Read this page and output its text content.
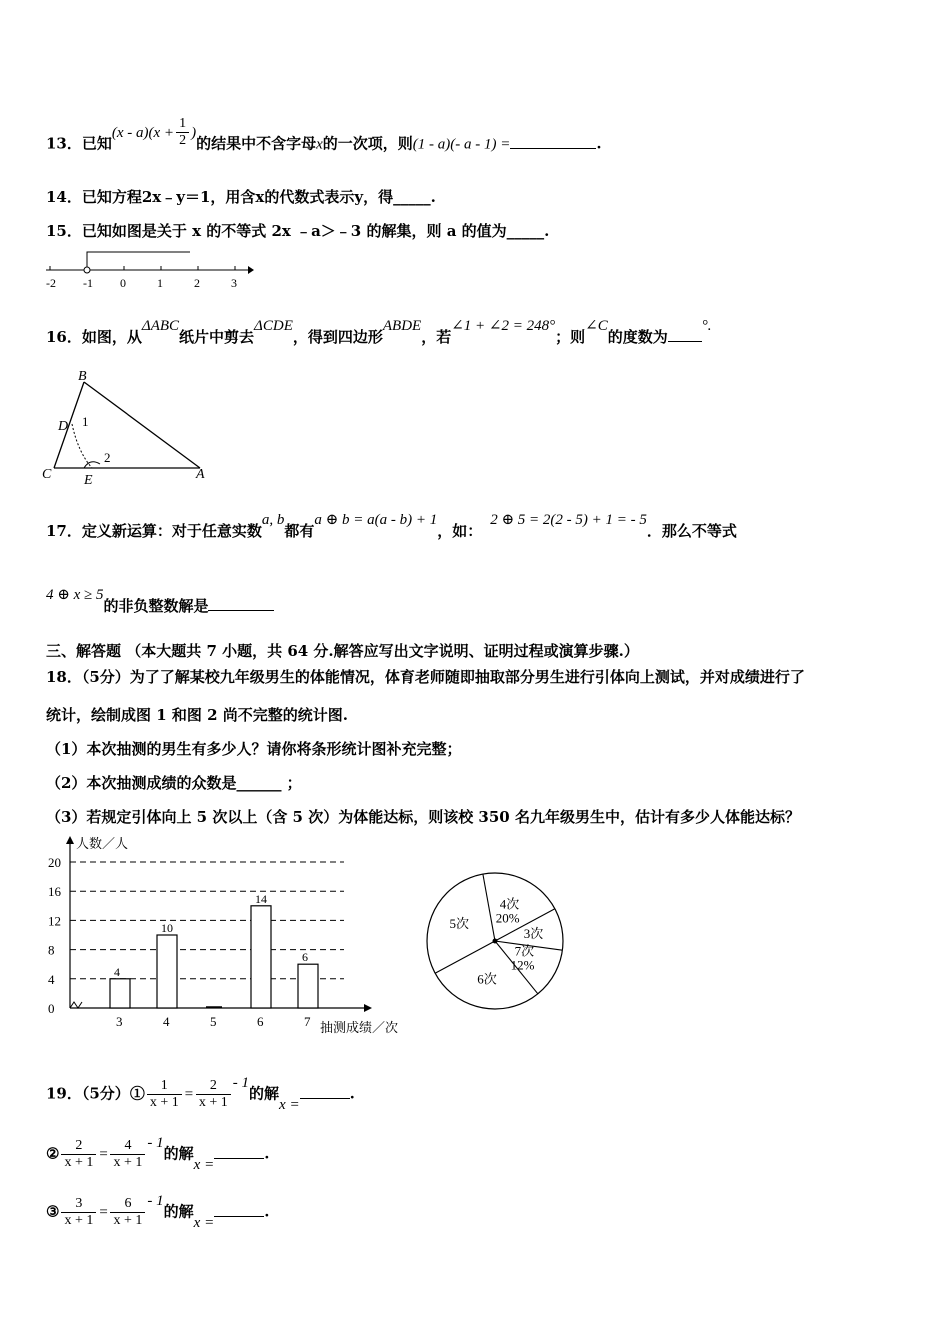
13．已知$(x - a)(x + \frac{1}{2}$ )的结果中不含字母x的一次项，则(1 - a)(- a - 1) =	.
14．已知方程2x﹣y＝1，用含x的代数式表示y，得_____.
15．已知如图是关于 x 的不等式 2x ﹣a＞﹣3 的解集，则 a 的值为_____.
-2 -1 0	1	2	3
16．如图，从ΔABC纸片中剪去ΔCDE，得到四边形ABDE，若∠1 + ∠2 = 248°；则∠C的度数为°.
B
D 1
C E
2
A
17．定义新运算：对于任意实数a, b都有a ⊕ b = a(a - b) + 1，如：2 ⊕ 5 = 2(2 - 5) + 1 = - 5．那么不等式
4 ⊕ x ≥ 5的非负整数解是
三、解答题 （本大题共 7 小题，共 64 分.解答应写出文字说明、证明过程或演算步骤.）
18．（5分）为了了解某校九年级男生的体能情况，体育老师随即抽取部分男生进行引体向上测试，并对成绩进行了
统计，绘制成图 1 和图 2 尚不完整的统计图.
（1）本次抽测的男生有多少人？请你将条形统计图补充完整；
（2）本次抽测成绩的众数是______ ；
（3）若规定引体向上 5 次以上（含 5 次）为体能达标，则该校 350 名九年级男生中，估计有多少人体能达标？
0
4
8
12
16
20
4
3
10
4	5
14
6
6
7
人数／人
抽测成绩／次
4次
20%
3次
7次
12%
6次
5次
19．（5分）① $\frac{1}{x + 1} = \frac{2}{x + 1} - 1$的解x =.
② $\frac{2}{x + 1} = \frac{4}{x + 1} - 1$的解x =.
③ $\frac{3}{x + 1} = \frac{6}{x + 1} - 1$的解x =.
